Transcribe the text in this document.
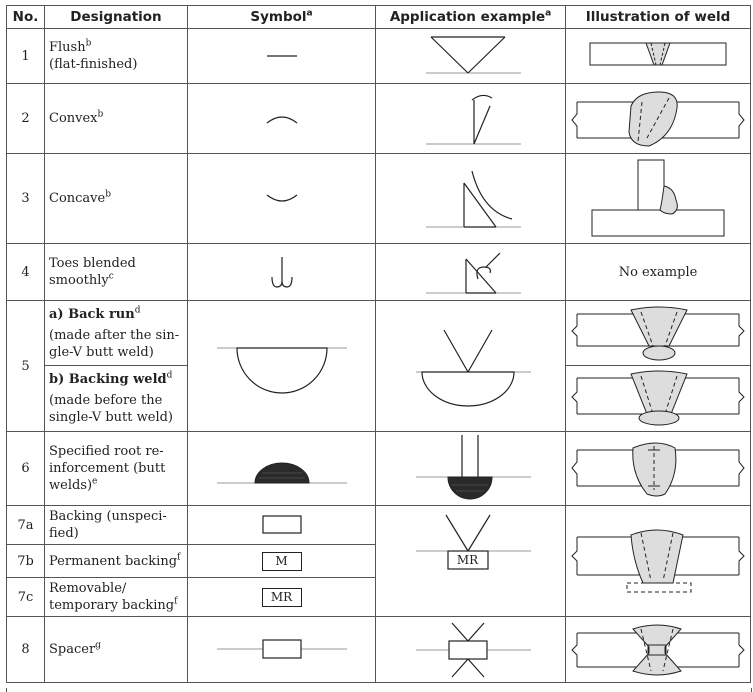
No.	Designation	Symbol$^a$	Application example$^a$	Illustration of weld
1	Flush$^b$
(flat-finished)	

2	Convex$^b$	

3	Concave$^b$	

4	Toes blended
smoothly$^c$			No example
5	a) Back run$^d$
(made after the sin-
gle-V butt weld)

	b) Backing weld$^d$
(made before the
single-V butt weld)

6	Specified root re-
inforcement (butt
welds)$^e$	

7a	Backing (unspeci-
fied)		MR

7b	Permanent backing$^f$	M		

7c	Removable/
temporary backing$^f$	MR		

8	Spacer$^g$	
